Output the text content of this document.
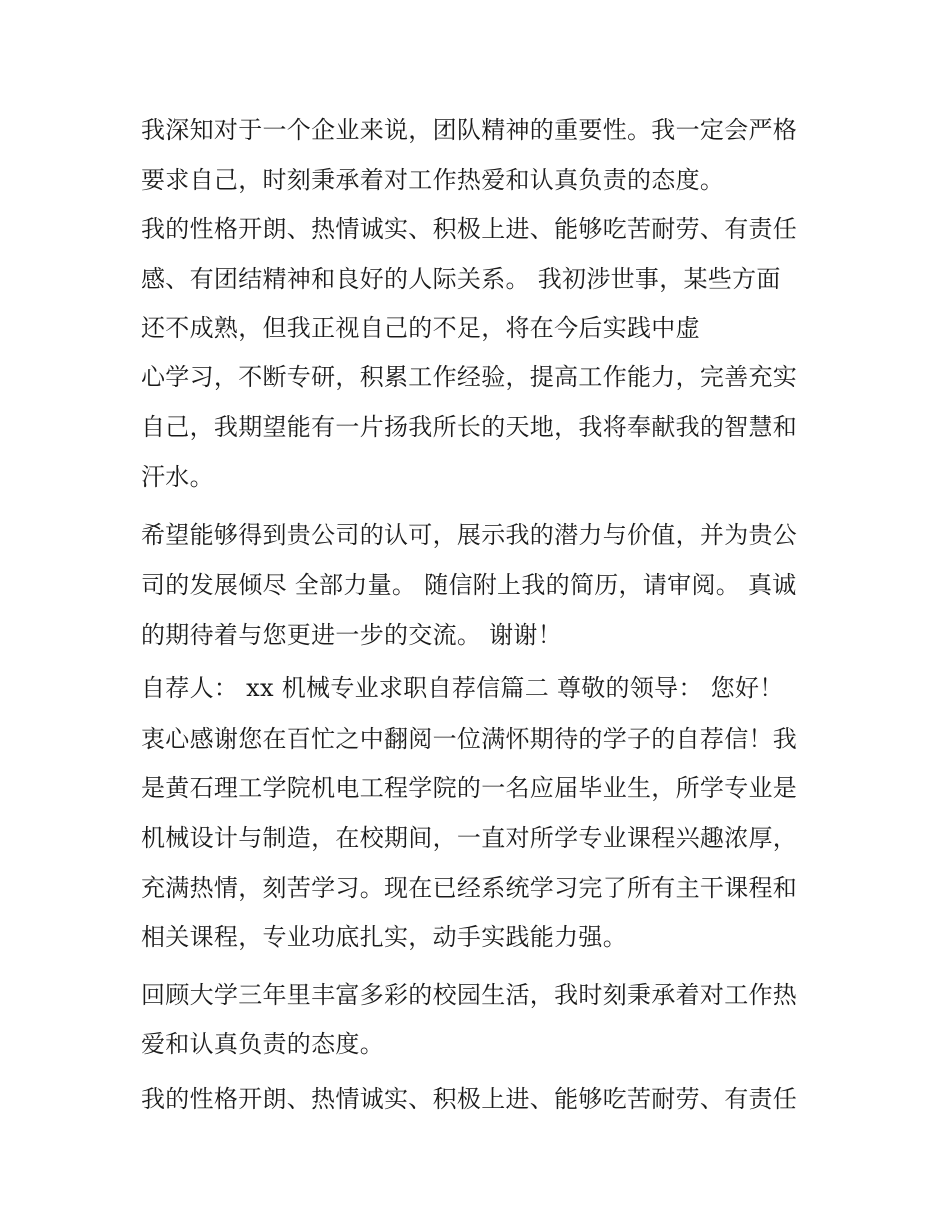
我深知对于一个企业来说，团队精神的重要性。我一定会严格
要求自己，时刻秉承着对工作热爱和认真负责的态度。
我的性格开朗、热情诚实、积极上进、能够吃苦耐劳、有责任
感、有团结精神和良好的人际关系。 我初涉世事，某些方面
还不成熟，但我正视自己的不足，将在今后实践中虚
心学习，不断专研，积累工作经验，提高工作能力，完善充实
自己，我期望能有一片扬我所长的天地，我将奉献我的智慧和
汗水。
希望能够得到贵公司的认可，展示我的潜力与价值，并为贵公
司的发展倾尽 全部力量。 随信附上我的简历，请审阅。 真诚
的期待着与您更进一步的交流。 谢谢！
自荐人： xx 机械专业求职自荐信篇二 尊敬的领导： 您好！
衷心感谢您在百忙之中翻阅一位满怀期待的学子的自荐信！我
是黄石理工学院机电工程学院的一名应届毕业生，所学专业是
机械设计与制造，在校期间，一直对所学专业课程兴趣浓厚，
充满热情，刻苦学习。现在已经系统学习完了所有主干课程和
相关课程，专业功底扎实，动手实践能力强。
回顾大学三年里丰富多彩的校园生活，我时刻秉承着对工作热
爱和认真负责的态度。
我的性格开朗、热情诚实、积极上进、能够吃苦耐劳、有责任
